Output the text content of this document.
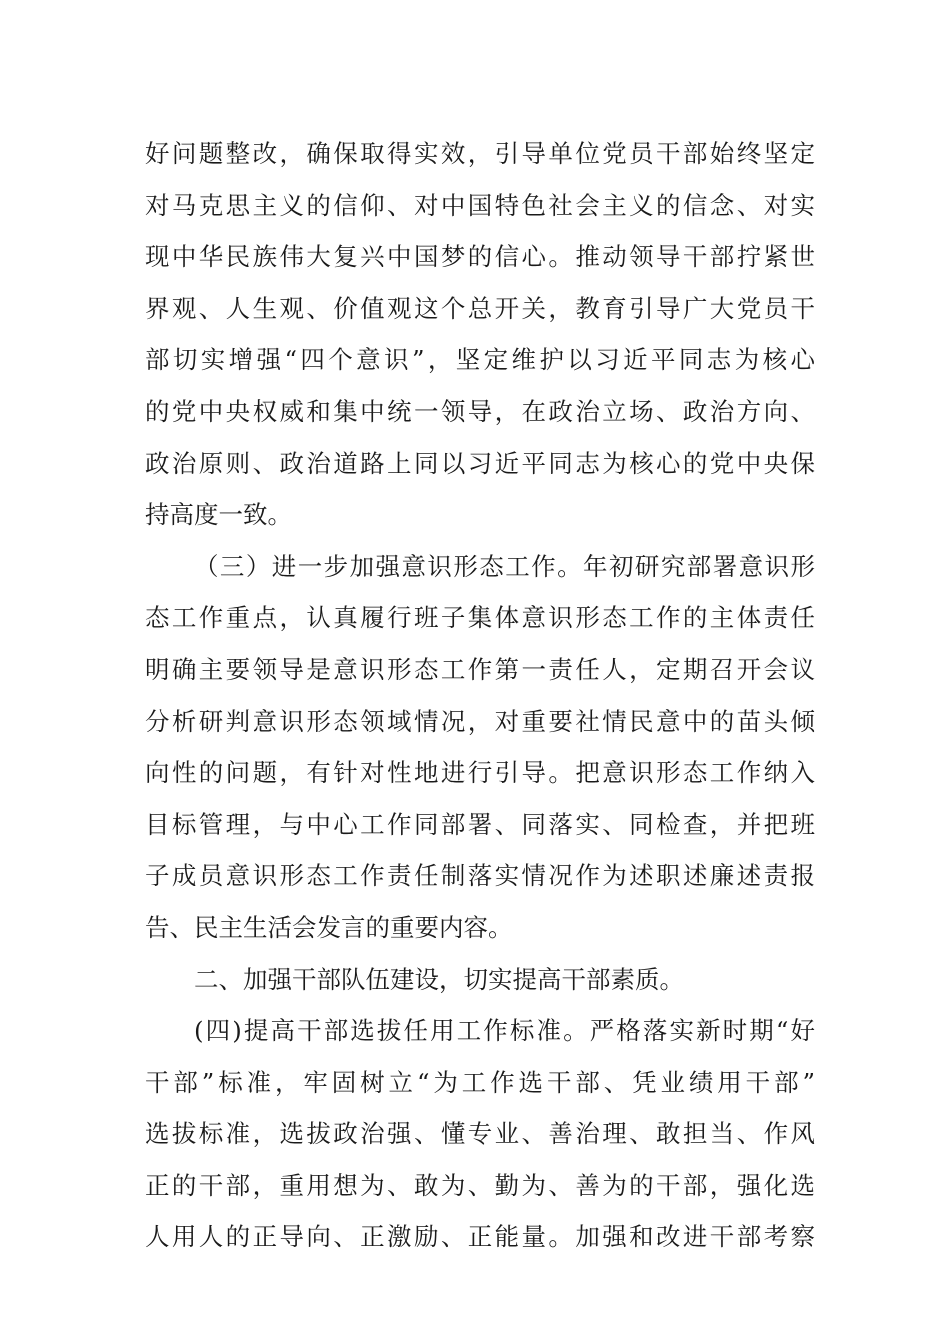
好问题整改，确保取得实效，引导单位党员干部始终坚定
对马克思主义的信仰、对中国特色社会主义的信念、对实
现中华民族伟大复兴中国梦的信心。推动领导干部拧紧世
界观、人生观、价值观这个总开关，教育引导广大党员干
部切实增强“四个意识”，坚定维护以习近平同志为核心
的党中央权威和集中统一领导，在政治立场、政治方向、
政治原则、政治道路上同以习近平同志为核心的党中央保
持高度一致。
（三）进一步加强意识形态工作。年初研究部署意识形
态工作重点，认真履行班子集体意识形态工作的主体责任
明确主要领导是意识形态工作第一责任人，定期召开会议
分析研判意识形态领域情况，对重要社情民意中的苗头倾
向性的问题，有针对性地进行引导。把意识形态工作纳入
目标管理，与中心工作同部署、同落实、同检查，并把班
子成员意识形态工作责任制落实情况作为述职述廉述责报
告、民主生活会发言的重要内容。
二、加强干部队伍建设，切实提高干部素质。
(四)提高干部选拔任用工作标准。严格落实新时期“好
干部”标准，牢固树立“为工作选干部、凭业绩用干部”
选拔标准，选拔政治强、懂专业、善治理、敢担当、作风
正的干部，重用想为、敢为、勤为、善为的干部，强化选
人用人的正导向、正激励、正能量。加强和改进干部考察
